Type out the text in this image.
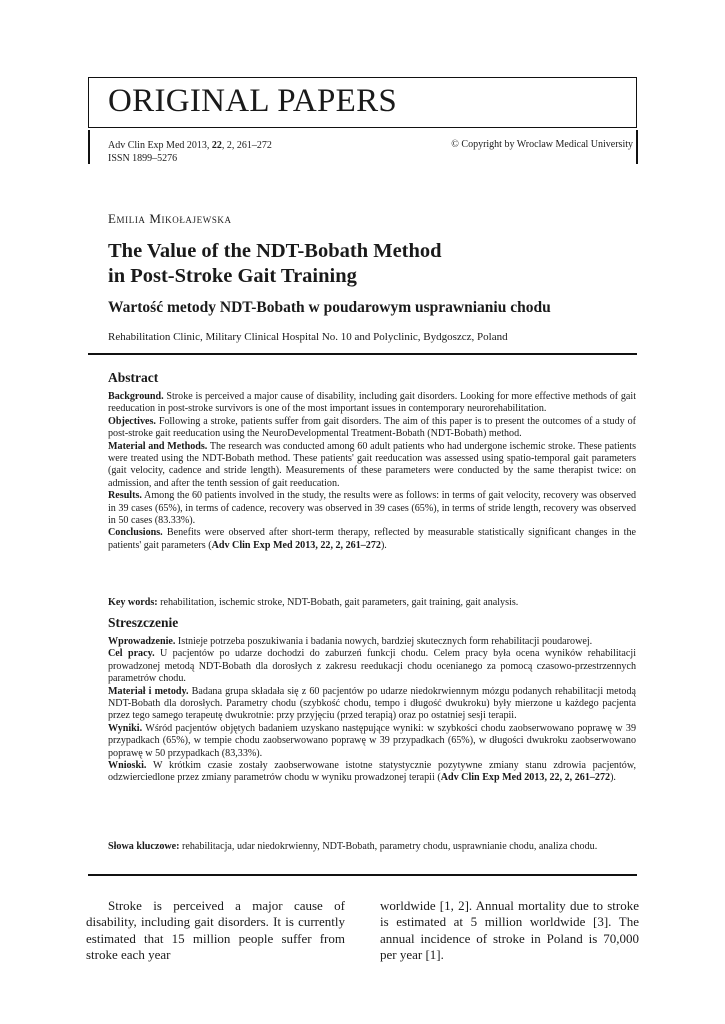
ORIGINAL PAPERS
Adv Clin Exp Med 2013, 22, 2, 261–272
ISSN 1899–5276
© Copyright by Wroclaw Medical University
Emilia Mikołajewska
The Value of the NDT-Bobath Method
in Post-Stroke Gait Training
Wartość metody NDT-Bobath w poudarowym usprawnianiu chodu
Rehabilitation Clinic, Military Clinical Hospital No. 10 and Polyclinic, Bydgoszcz, Poland
Abstract

Background. Stroke is perceived a major cause of disability, including gait disorders. Looking for more effective methods of gait reeducation in post-stroke survivors is one of the most important issues in contemporary neurorehabilitation.

Objectives. Following a stroke, patients suffer from gait disorders. The aim of this paper is to present the outcomes of a study of post-stroke gait reeducation using the NeuroDevelopmental Treatment-Bobath (NDT-Bobath) method.

Material and Methods. The research was conducted among 60 adult patients who had undergone ischemic stroke. These patients were treated using the NDT-Bobath method. These patients' gait reeducation was assessed using spatio-temporal gait parameters (gait velocity, cadence and stride length). Measurements of these parameters were conducted by the same therapist twice: on admission, and after the tenth session of gait reeducation.

Results. Among the 60 patients involved in the study, the results were as follows: in terms of gait velocity, recovery was observed in 39 cases (65%), in terms of cadence, recovery was observed in 39 cases (65%), in terms of stride length, recovery was observed in 50 cases (83.33%).

Conclusions. Benefits were observed after short-term therapy, reflected by measurable statistically significant changes in the patients' gait parameters (Adv Clin Exp Med 2013, 22, 2, 261–272).

Key words: rehabilitation, ischemic stroke, NDT-Bobath, gait parameters, gait training, gait analysis.
Streszczenie

Wprowadzenie. Istnieje potrzeba poszukiwania i badania nowych, bardziej skutecznych form rehabilitacji poudarowej.

Cel pracy. U pacjentów po udarze dochodzi do zaburzeń funkcji chodu. Celem pracy była ocena wyników rehabilitacji prowadzonej metodą NDT-Bobath dla dorosłych z zakresu reedukacji chodu ocenianego za pomocą czasowo-przestrzennych parametrów chodu.

Materiał i metody. Badana grupa składała się z 60 pacjentów po udarze niedokrwiennym mózgu podanych rehabilitacji metodą NDT-Bobath dla dorosłych. Parametry chodu (szybkość chodu, tempo i długość dwukroku) były mierzone u każdego pacjenta przez tego samego terapeutę dwukrotnie: przy przyjęciu (przed terapią) oraz po ostatniej sesji terapii.

Wyniki. Wśród pacjentów objętych badaniem uzyskano następujące wyniki: w szybkości chodu zaobserwowano poprawę w 39 przypadkach (65%), w tempie chodu zaobserwowano poprawę w 39 przypadkach (65%), w długości dwukroku zaobserwowano poprawę w 50 przypadkach (83,33%).

Wnioski. W krótkim czasie zostały zaobserwowane istotne statystycznie pozytywne zmiany stanu zdrowia pacjentów, odzwierciedlone przez zmiany parametrów chodu w wyniku prowadzonej terapii (Adv Clin Exp Med 2013, 22, 2, 261–272).

Słowa kluczowe: rehabilitacja, udar niedokrwienny, NDT-Bobath, parametry chodu, usprawnianie chodu, analiza chodu.
Stroke is perceived a major cause of disability, including gait disorders. It is currently estimated that 15 million people suffer from stroke each year
worldwide [1, 2]. Annual mortality due to stroke is estimated at 5 million worldwide [3]. The annual incidence of stroke in Poland is 70,000 per year [1].
